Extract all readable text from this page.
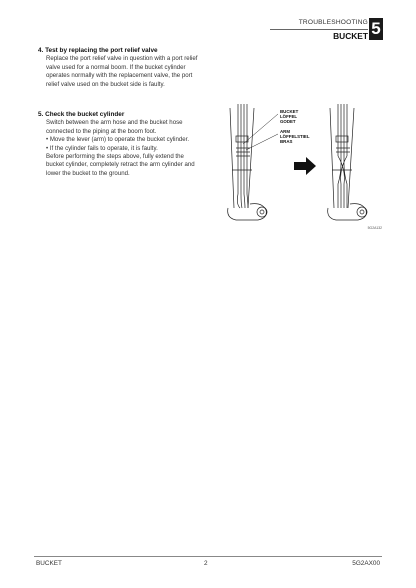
TROUBLESHOOTING
BUCKET 5
4. Test by replacing the port relief valve

Replace the port relief valve in question with a port relief valve used for a normal boom. If the bucket cylinder operates normally with the replacement valve, the port relief valve used on the bucket side is faulty.

5. Check the bucket cylinder

Switch between the arm hose and the bucket hose connected to the piping at the boom foot.

• Move the lever (arm) to operate the bucket cylinder.
• If the cylinder fails to operate, it is faulty.

Before performing the steps above, fully extend the bucket cylinder, completely retract the arm cylinder and lower the bucket to the ground.

BUCKET
LÖFFEL
GODET
ARM
LÖFFELSTIEL
BRAS
5G2A132
BUCKET	2	5G2AX00
